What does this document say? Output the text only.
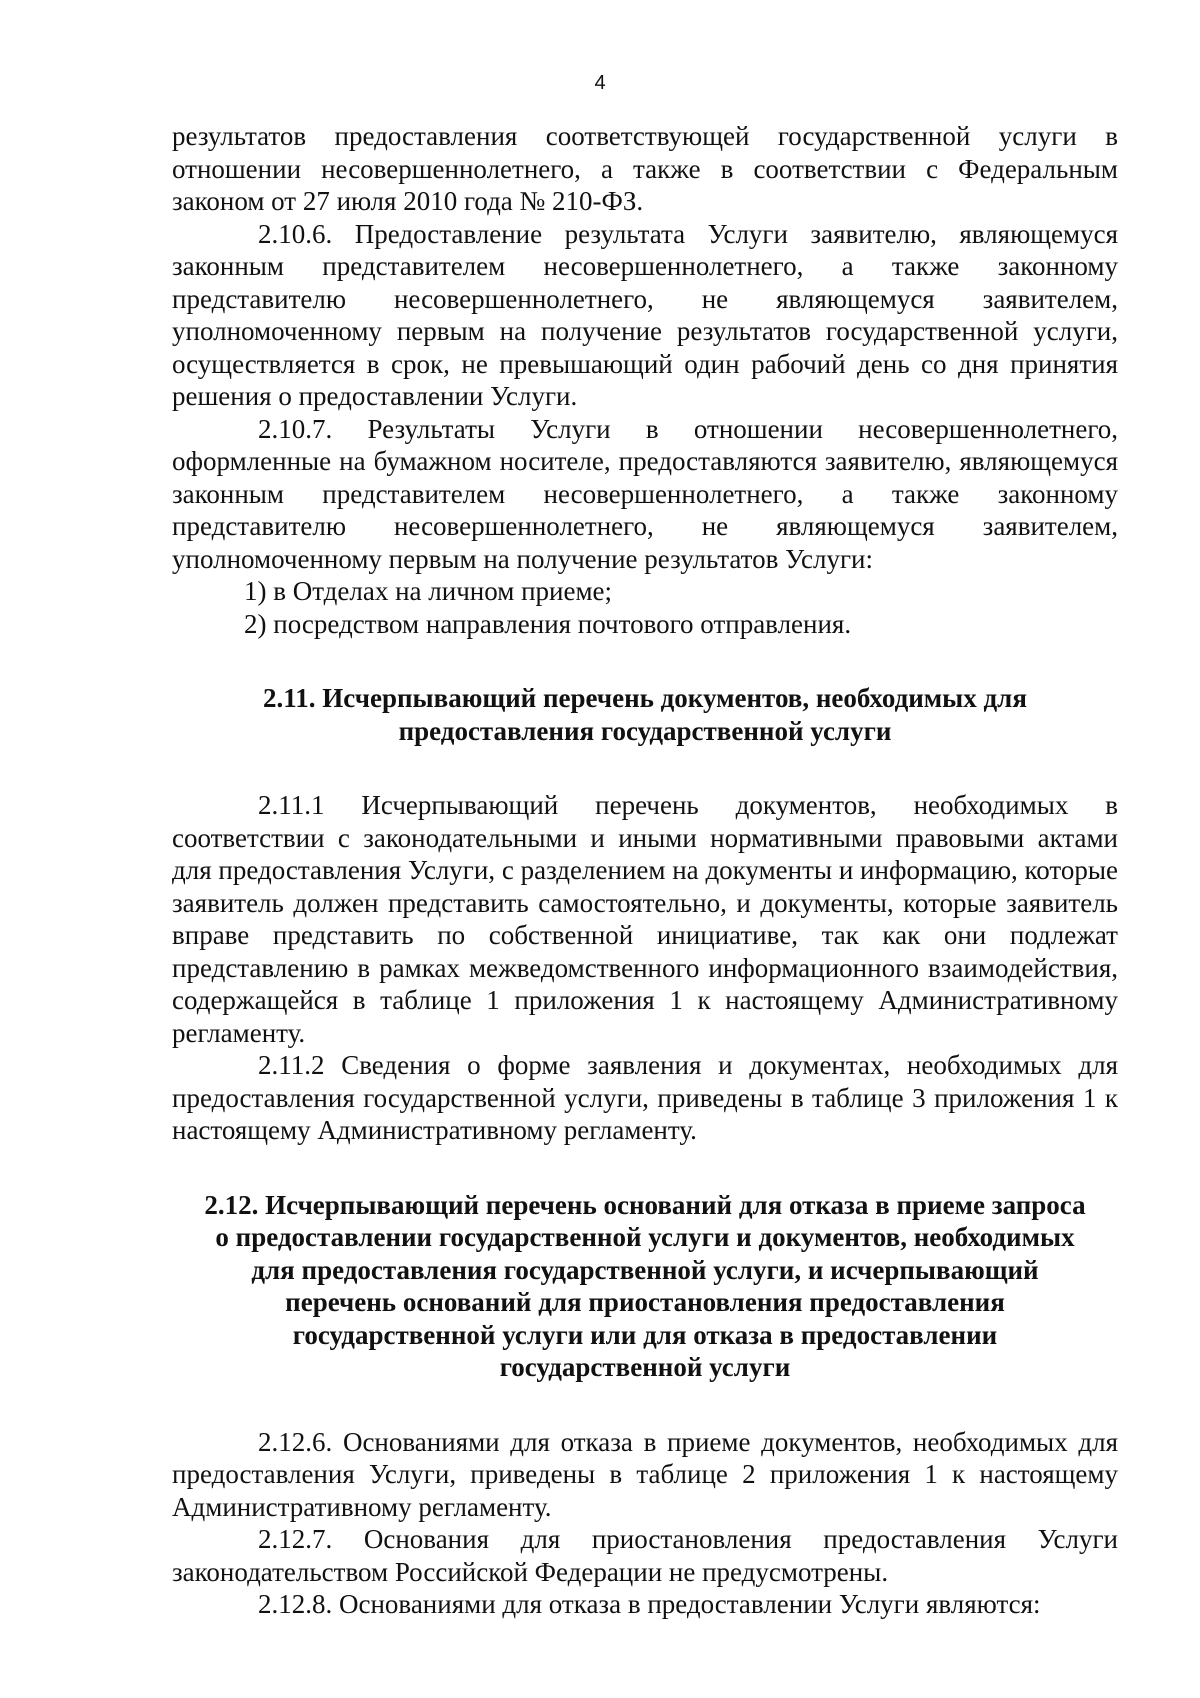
4

результатов предоставления соответствующей государственной услуги в отношении несовершеннолетнего, а также в соответствии с Федеральным законом от 27 июля 2010 года № 210-ФЗ.

2.10.6. Предоставление результата Услуги заявителю, являющемуся законным представителем несовершеннолетнего, а также законному представителю несовершеннолетнего, не являющемуся заявителем, уполномоченному первым на получение результатов государственной услуги, осуществляется в срок, не превышающий один рабочий день со дня принятия решения о предоставлении Услуги.

2.10.7. Результаты Услуги в отношении несовершеннолетнего, оформленные на бумажном носителе, предоставляются заявителю, являющемуся законным представителем несовершеннолетнего, а также законному представителю несовершеннолетнего, не являющемуся заявителем, уполномоченному первым на получение результатов Услуги:

1) в Отделах на личном приеме;

2) посредством направления почтового отправления.

2.11. Исчерпывающий перечень документов, необходимых для
предоставления государственной услуги

2.11.1 Исчерпывающий перечень документов, необходимых в соответствии с законодательными и иными нормативными правовыми актами для предоставления Услуги, с разделением на документы и информацию, которые заявитель должен представить самостоятельно, и документы, которые заявитель вправе представить по собственной инициативе, так как они подлежат представлению в рамках межведомственного информационного взаимодействия, содержащейся в таблице 1 приложения 1 к настоящему Административному регламенту.

2.11.2 Сведения о форме заявления и документах, необходимых для предоставления государственной услуги, приведены в таблице 3 приложения 1 к настоящему Административному регламенту.

2.12. Исчерпывающий перечень оснований для отказа в приеме запроса
о предоставлении государственной услуги и документов, необходимых
для предоставления государственной услуги, и исчерпывающий
перечень оснований для приостановления предоставления
государственной услуги или для отказа в предоставлении
государственной услуги

2.12.6. Основаниями для отказа в приеме документов, необходимых для предоставления Услуги, приведены в таблице 2 приложения 1 к настоящему Административному регламенту.

2.12.7. Основания для приостановления предоставления Услуги законодательством Российской Федерации не предусмотрены.

2.12.8. Основаниями для отказа в предоставлении Услуги являются:
